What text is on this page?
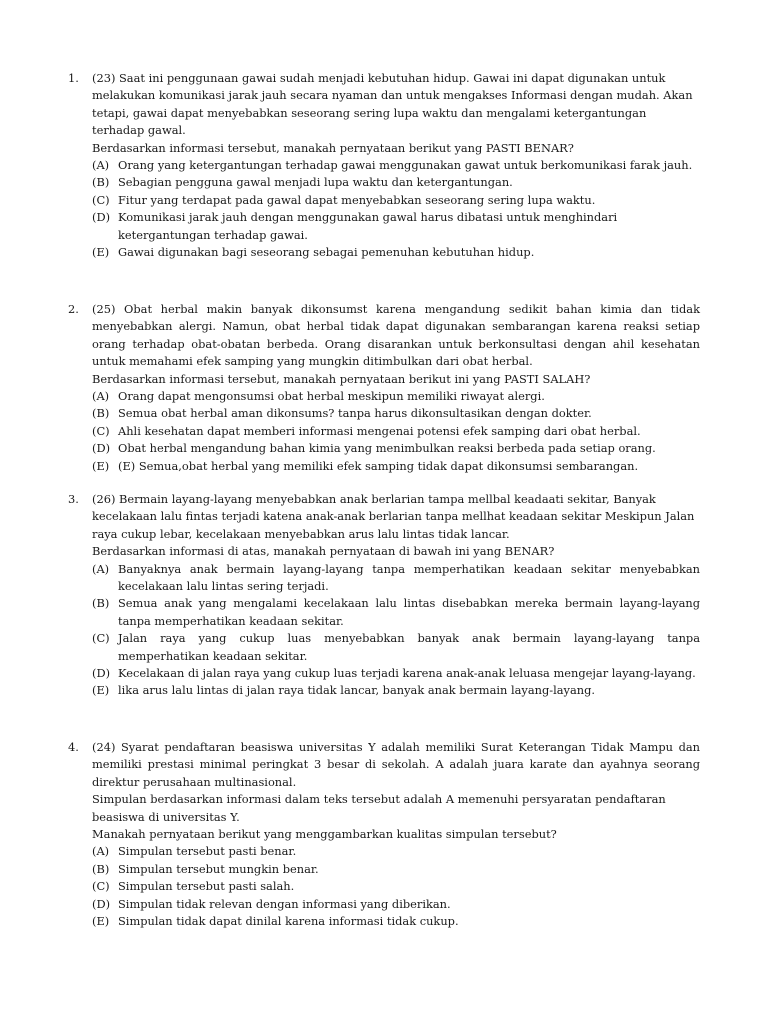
1.	(23) Saat ini penggunaan gawai sudah menjadi kebutuhan hidup. Gawai ini dapat digunakan untuk melakukan komunikasi jarak jauh secara nyaman dan untuk mengakses Informasi dengan mudah. Akan tetapi, gawai dapat menyebabkan seseorang sering lupa waktu dan mengalami ketergantungan terhadap gawal.

Berdasarkan informasi tersebut, manakah pernyataan berikut yang PASTI BENAR?

(A) Orang yang ketergantungan terhadap gawai menggunakan gawat untuk berkomunikasi farak jauh.
(B) Sebagian pengguna gawal menjadi lupa waktu dan ketergantungan.
(C) Fitur yang terdapat pada gawal dapat menyebabkan seseorang sering lupa waktu.
(D) Komunikasi jarak jauh dengan menggunakan gawal harus dibatasi untuk menghindari ketergantungan terhadap gawai.
(E) Gawai digunakan bagi seseorang sebagai pemenuhan kebutuhan hidup.
2.	(25) Obat herbal makin banyak dikonsumst karena mengandung sedikit bahan kimia dan tidak menyebabkan alergi. Namun, obat herbal tidak dapat digunakan sembarangan karena reaksi setiap orang terhadap obat-obatan berbeda. Orang disarankan untuk berkonsultasi dengan ahil kesehatan untuk memahami efek samping yang mungkin ditimbulkan dari obat herbal.

Berdasarkan informasi tersebut, manakah pernyataan berikut ini yang PASTI SALAH?

(A) Orang dapat mengonsumsi obat herbal meskipun memiliki riwayat alergi.
(B) Semua obat herbal aman dikonsums? tanpa harus dikonsultasikan dengan dokter.
(C) Ahli kesehatan dapat memberi informasi mengenai potensi efek samping dari obat herbal.
(D) Obat herbal mengandung bahan kimia yang menimbulkan reaksi berbeda pada setiap orang.
(E) (E) Semua,obat herbal yang memiliki efek samping tidak dapat dikonsumsi sembarangan.
3.	(26) Bermain layang-layang menyebabkan anak berlarian tampa mellbal keadaati sekitar, Banyak kecelakaan lalu fintas terjadi katena anak-anak berlarian tanpa mellhat keadaan sekitar Meskipun Jalan raya cukup lebar, kecelakaan menyebabkan arus lalu lintas tidak lancar.

Berdasarkan informasi di atas, manakah pernyataan di bawah ini yang BENAR?

(A) Banyaknya anak bermain layang-layang tanpa memperhatikan keadaan sekitar menyebabkan kecelakaan lalu lintas sering terjadi.
(B) Semua anak yang mengalami kecelakaan lalu lintas disebabkan mereka bermain layang-layang tanpa memperhatikan keadaan sekitar.
(C) Jalan raya yang cukup luas menyebabkan banyak anak bermain layang-layang tanpa memperhatikan keadaan sekitar.
(D) Kecelakaan di jalan raya yang cukup luas terjadi karena anak-anak leluasa mengejar layang-layang.
(E) lika arus lalu lintas di jalan raya tidak lancar, banyak anak bermain layang-layang.
4.	(24) Syarat pendaftaran beasiswa universitas Y adalah memiliki Surat Keterangan Tidak Mampu dan memiliki prestasi minimal peringkat 3 besar di sekolah. A adalah juara karate dan ayahnya seorang direktur perusahaan multinasional.

Simpulan berdasarkan informasi dalam teks tersebut adalah A memenuhi persyaratan pendaftaran beasiswa di universitas Y.

Manakah pernyataan berikut yang menggambarkan kualitas simpulan tersebut?

(A) Simpulan tersebut pasti benar.
(B) Simpulan tersebut mungkin benar.
(C) Simpulan tersebut pasti salah.
(D) Simpulan tidak relevan dengan informasi yang diberikan.
(E) Simpulan tidak dapat dinilal karena informasi tidak cukup.
